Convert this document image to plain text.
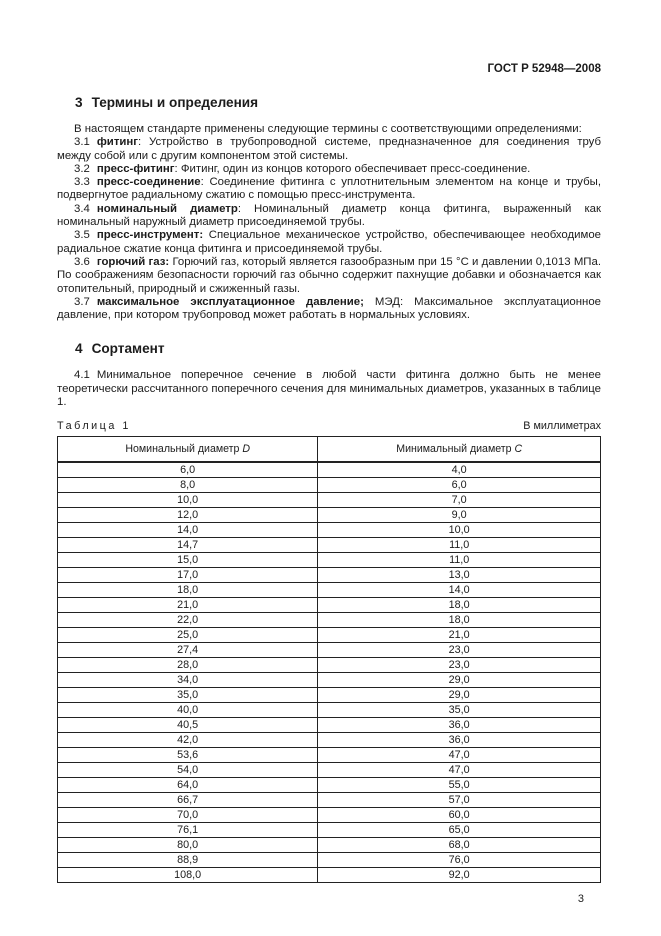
ГОСТ Р 52948—2008
3 Термины и определения

В настоящем стандарте применены следующие термины с соответствующими определениями:

3.1 фитинг: Устройство в трубопроводной системе, предназначенное для соединения труб между собой или с другим компонентом этой системы.

3.2 пресс-фитинг: Фитинг, один из концов которого обеспечивает пресс-соединение.

3.3 пресс-соединение: Соединение фитинга с уплотнительным элементом на конце и трубы, подвергнутое радиальному сжатию с помощью пресс-инструмента.

3.4 номинальный диаметр: Номинальный диаметр конца фитинга, выраженный как номинальный наружный диаметр присоединяемой трубы.

3.5 пресс-инструмент: Специальное механическое устройство, обеспечивающее необходимое радиальное сжатие конца фитинга и присоединяемой трубы.

3.6 горючий газ: Горючий газ, который является газообразным при 15 °С и давлении 0,1013 МПа. По соображениям безопасности горючий газ обычно содержит пахнущие добавки и обозначается как отопительный, природный и сжиженный газы.

3.7 максимальное эксплуатационное давление; МЭД: Максимальное эксплуатационное давление, при котором трубопровод может работать в нормальных условиях.

4 Сортамент

4.1 Минимальное поперечное сечение в любой части фитинга должно быть не менее теоретически рассчитанного поперечного сечения для минимальных диаметров, указанных в таблице 1.

Таблица 1	В миллиметрах
Номинальный диаметр D	Минимальный диаметр C
6,0	4,0
8,0	6,0
10,0	7,0
12,0	9,0
14,0	10,0
14,7	11,0
15,0	11,0
17,0	13,0
18,0	14,0
21,0	18,0
22,0	18,0
25,0	21,0
27,4	23,0
28,0	23,0
34,0	29,0
35,0	29,0
40,0	35,0
40,5	36,0
42,0	36,0
53,6	47,0
54,0	47,0
64,0	55,0
66,7	57,0
70,0	60,0
76,1	65,0
80,0	68,0
88,9	76,0
108,0	92,0
3
